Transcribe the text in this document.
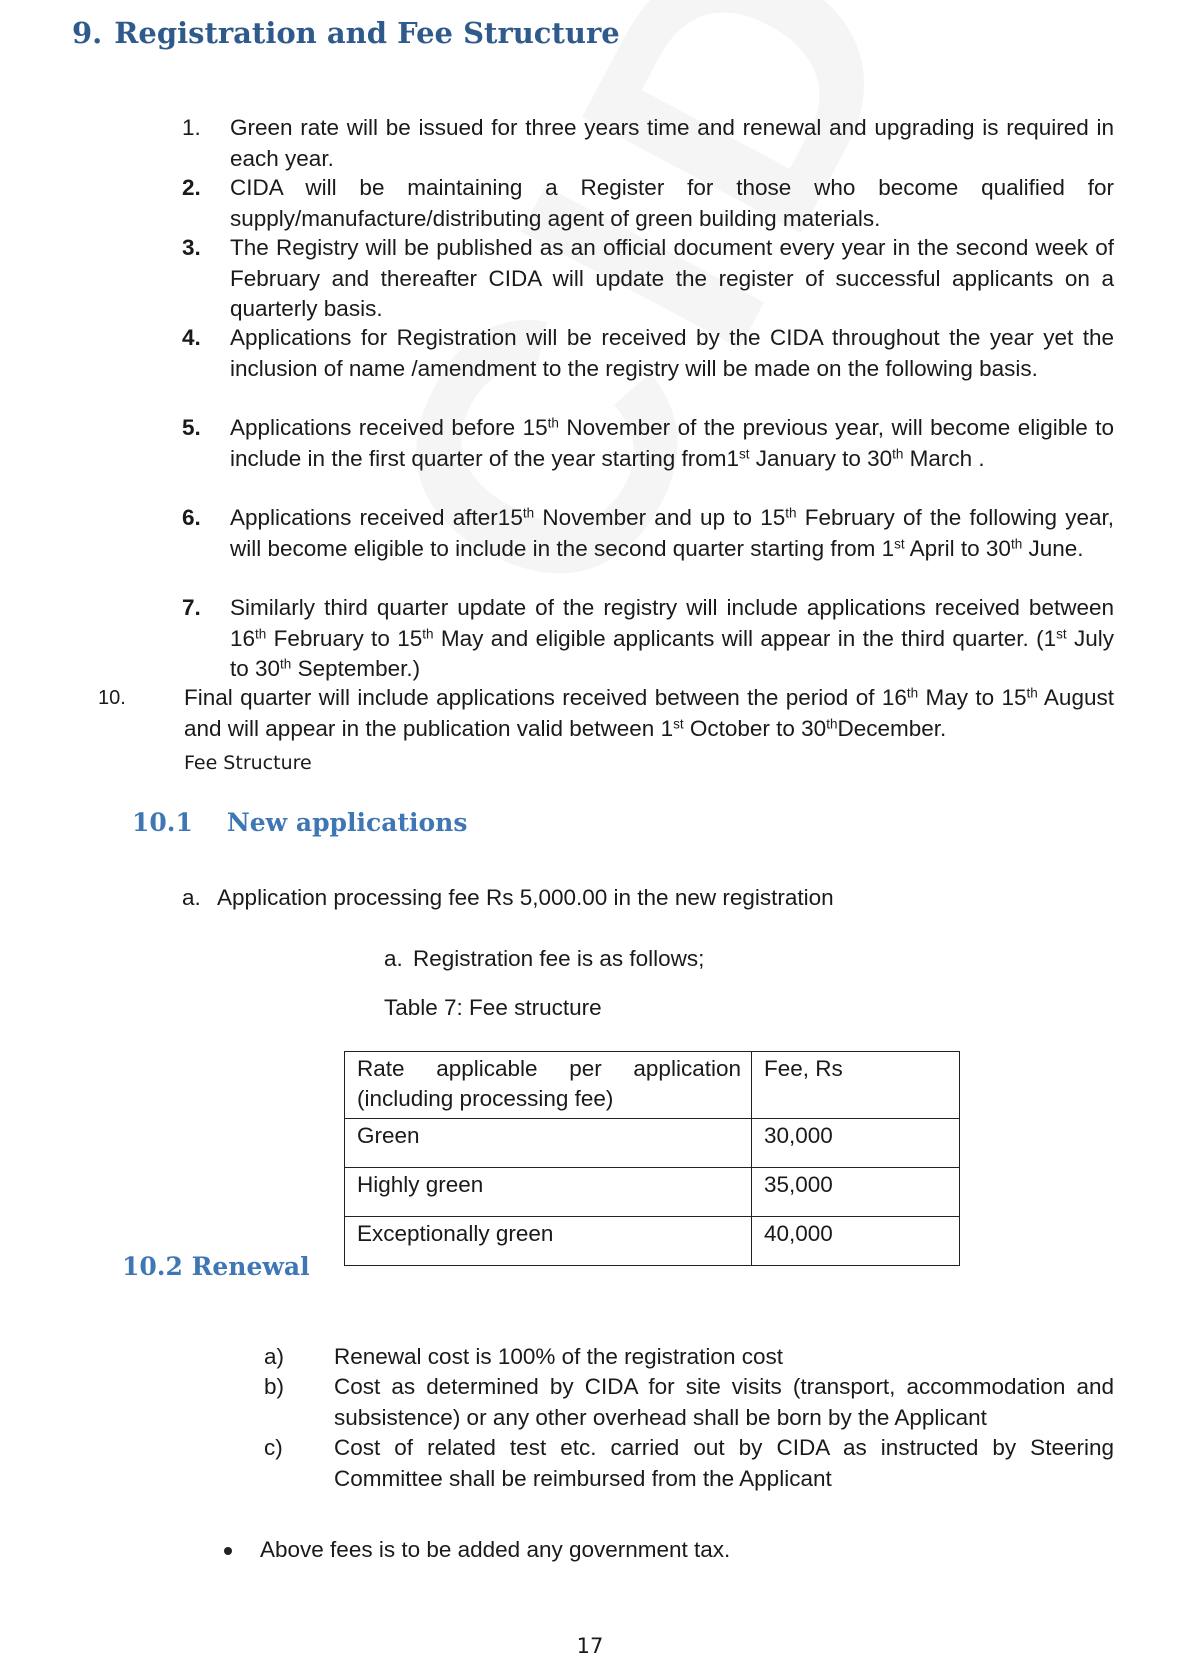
9. Registration and Fee Structure
1. Green rate will be issued for three years time and renewal and upgrading is required in each year.
2. CIDA will be maintaining a Register for those who become qualified for supply/manufacture/distributing agent of green building materials.
3. The Registry will be published as an official document every year in the second week of February and thereafter CIDA will update the register of successful applicants on a quarterly basis.
4. Applications for Registration will be received by the CIDA throughout the year yet the inclusion of name /amendment to the registry will be made on the following basis.
5. Applications received before 15th November of the previous year, will become eligible to include in the first quarter of the year starting from1st January to 30th March .
6. Applications received after15th November and up to 15th February of the following year, will become eligible to include in the second quarter starting from 1st April to 30th June.
7. Similarly third quarter update of the registry will include applications received between 16th February to 15th May and eligible applicants will appear in the third quarter. (1st July to 30th September.)
10.	Final quarter will include applications received between the period of 16th May to 15th August and will appear in the publication valid between 1st October to 30thDecember.
Fee Structure
10.1 New applications
a. Application processing fee Rs 5,000.00 in the new registration
a. Registration fee is as follows;
Table 7: Fee structure
Rate applicable per application (including processing fee)	Fee, Rs
Green	30,000
Highly green	35,000
Exceptionally green	40,000
10.2 Renewal
a) Renewal cost is 100% of the registration cost
b) Cost as determined by CIDA for site visits (transport, accommodation and subsistence) or any other overhead shall be born by the Applicant
c) Cost of related test etc. carried out by CIDA as instructed by Steering Committee shall be reimbursed from the Applicant
Above fees is to be added any government tax.
17
